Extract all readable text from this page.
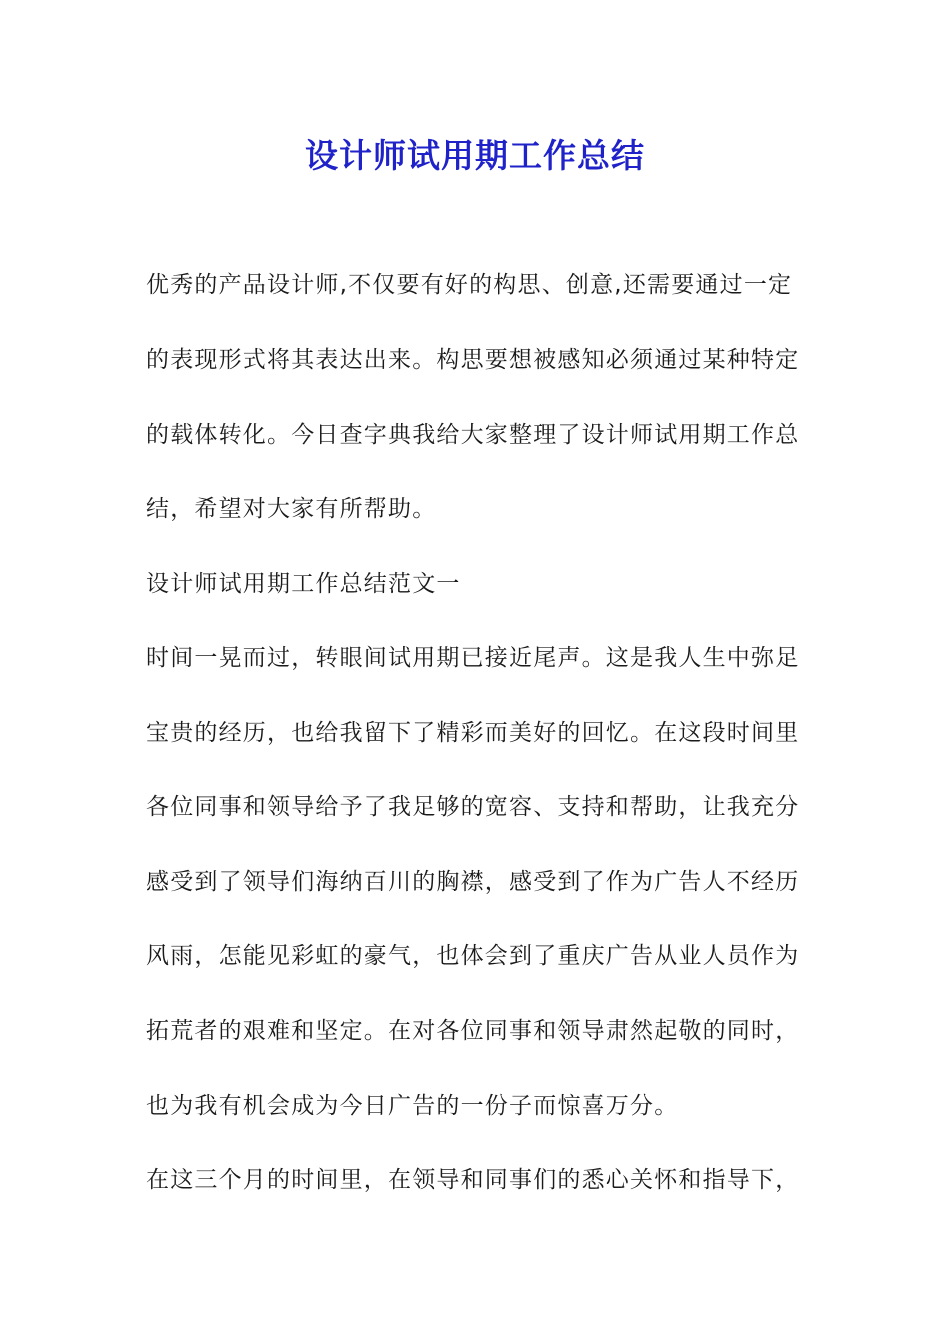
设计师试用期工作总结
优秀的产品设计师,不仅要有好的构思、创意,还需要通过一定
的表现形式将其表达出来。构思要想被感知必须通过某种特定
的载体转化。今日查字典我给大家整理了设计师试用期工作总
结，希望对大家有所帮助。
设计师试用期工作总结范文一
时间一晃而过，转眼间试用期已接近尾声。这是我人生中弥足
宝贵的经历，也给我留下了精彩而美好的回忆。在这段时间里
各位同事和领导给予了我足够的宽容、支持和帮助，让我充分
感受到了领导们海纳百川的胸襟，感受到了作为广告人不经历
风雨，怎能见彩虹的豪气，也体会到了重庆广告从业人员作为
拓荒者的艰难和坚定。在对各位同事和领导肃然起敬的同时，
也为我有机会成为今日广告的一份子而惊喜万分。
在这三个月的时间里，在领导和同事们的悉心关怀和指导下，
